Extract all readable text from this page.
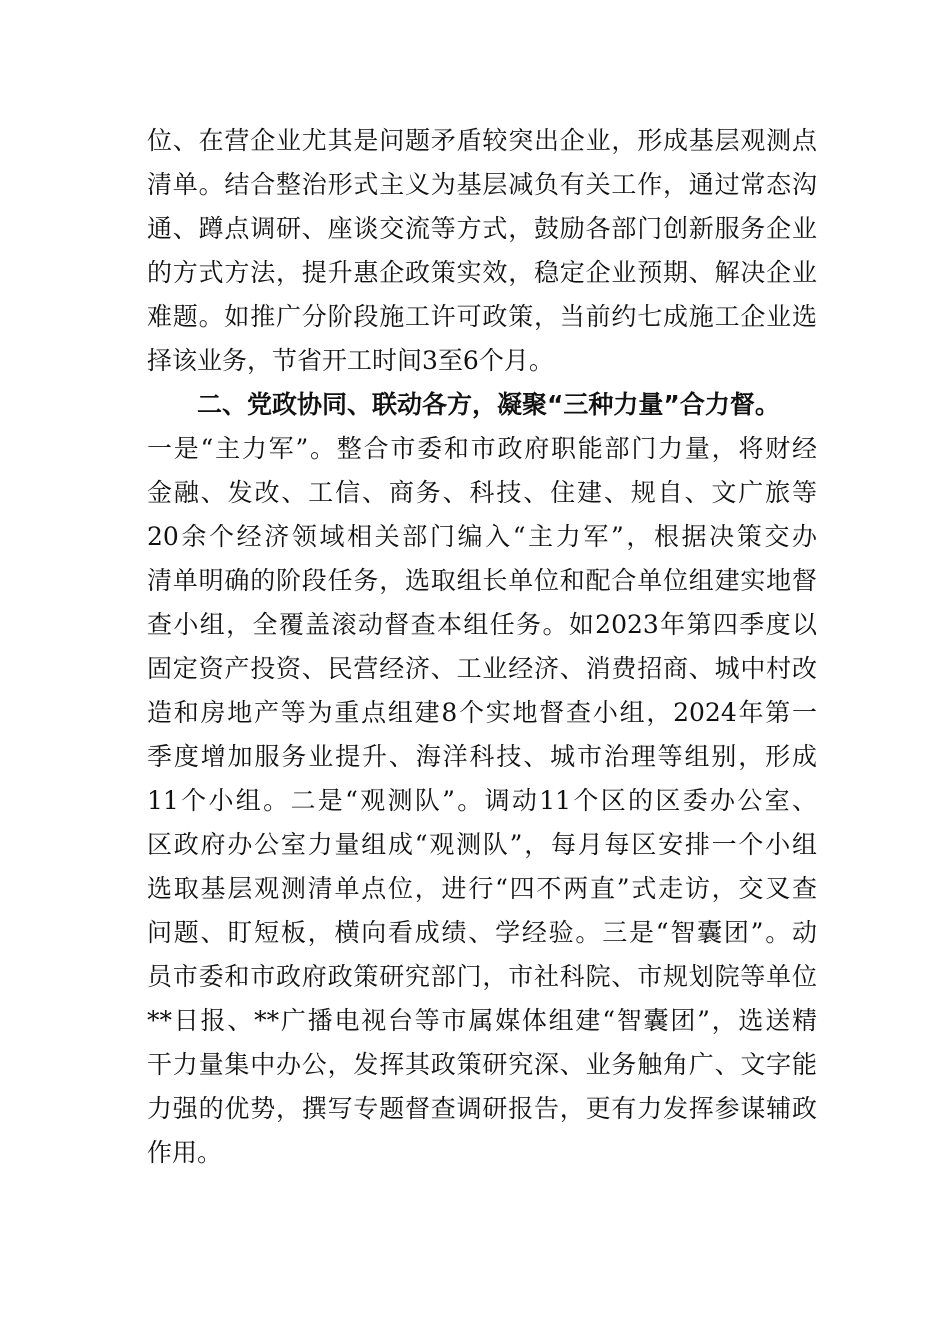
位、在营企业尤其是问题矛盾较突出企业，形成基层观测点
清单。结合整治形式主义为基层减负有关工作，通过常态沟
通、蹲点调研、座谈交流等方式，鼓励各部门创新服务企业
的方式方法，提升惠企政策实效，稳定企业预期、解决企业
难题。如推广分阶段施工许可政策，当前约七成施工企业选
择该业务，节省开工时间3至6个月。
二、党政协同、联动各方，凝聚“三种力量”合力督。
一是“主力军”。整合市委和市政府职能部门力量，将财经
金融、发改、工信、商务、科技、住建、规自、文广旅等
20余个经济领域相关部门编入“主力军”，根据决策交办
清单明确的阶段任务，选取组长单位和配合单位组建实地督
查小组，全覆盖滚动督查本组任务。如2023年第四季度以
固定资产投资、民营经济、工业经济、消费招商、城中村改
造和房地产等为重点组建8个实地督查小组，2024年第一
季度增加服务业提升、海洋科技、城市治理等组别，形成
11个小组。二是“观测队”。调动11个区的区委办公室、
区政府办公室力量组成“观测队”，每月每区安排一个小组
选取基层观测清单点位，进行“四不两直”式走访，交叉查
问题、盯短板，横向看成绩、学经验。三是“智囊团”。动
员市委和市政府政策研究部门，市社科院、市规划院等单位
**日报、**广播电视台等市属媒体组建“智囊团”，选送精
干力量集中办公，发挥其政策研究深、业务触角广、文字能
力强的优势，撰写专题督查调研报告，更有力发挥参谋辅政
作用。
